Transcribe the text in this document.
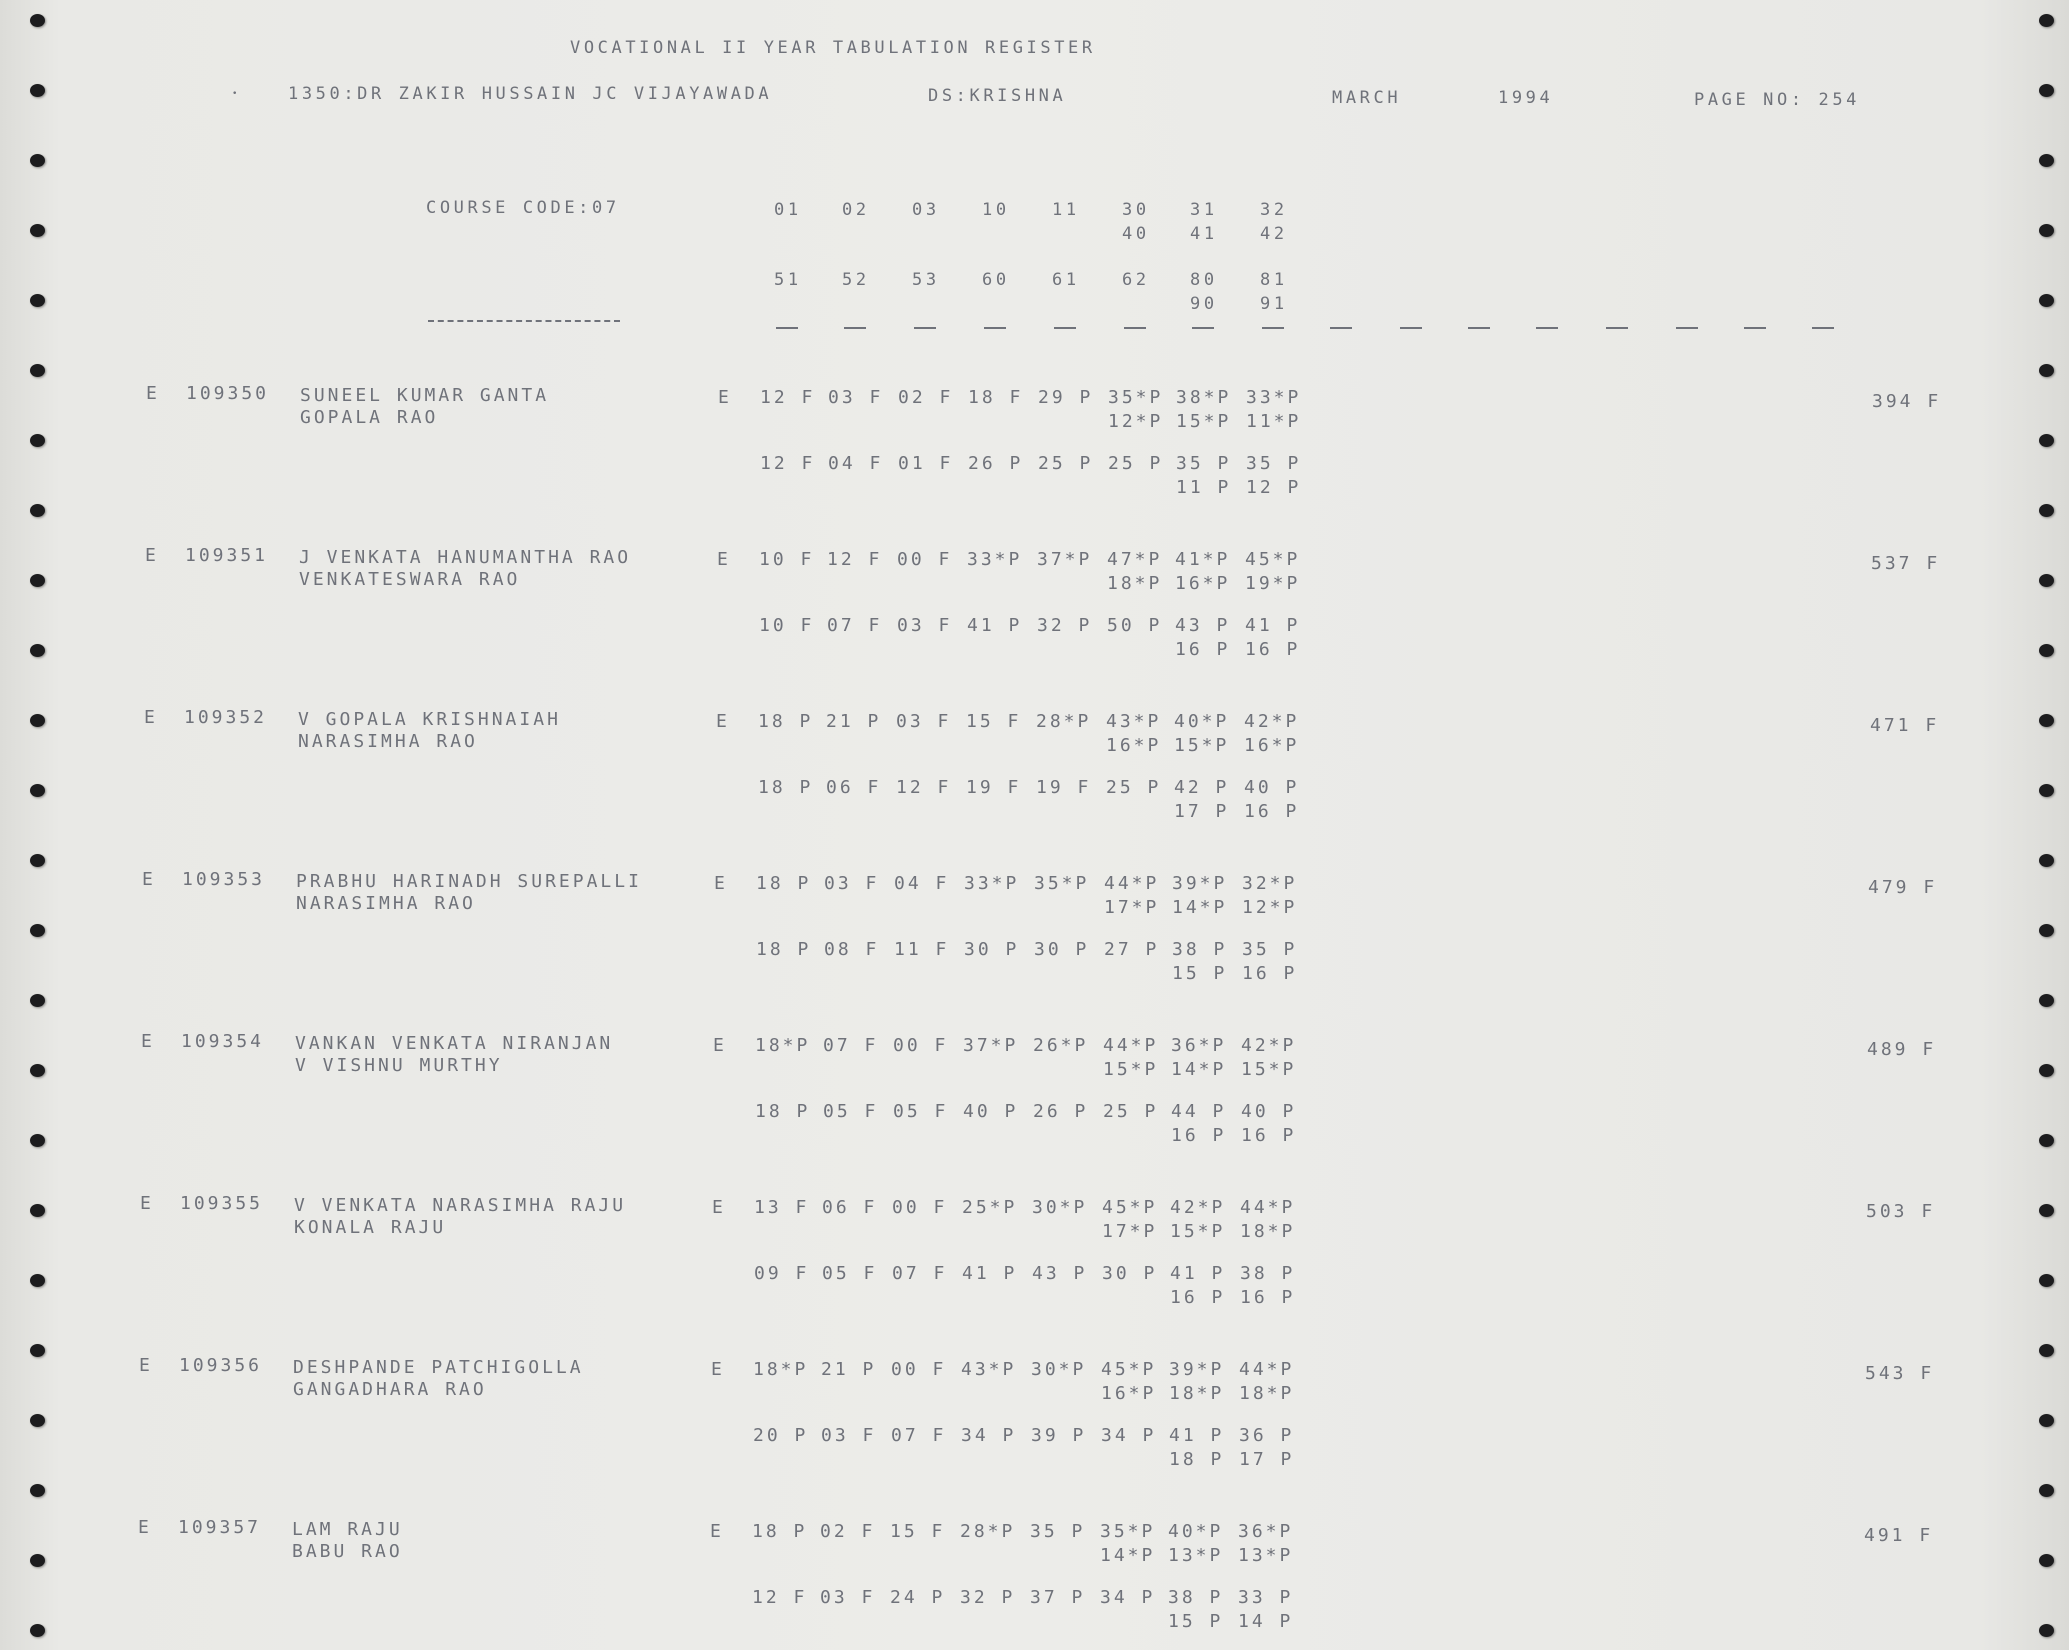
VOCATIONAL II YEAR TABULATION REGISTER
•	1350:DR ZAKIR HUSSAIN JC VIJAYAWADA	DS:KRISHNA	MARCH	1994	PAGE NO: 254
COURSE CODE:07	01 02 03 10 11 30 31 32
40 41 42
51 52 53 60 61 62 80 81
90 91
E 109350 SUNEEL KUMAR GANTA
GOPALA RAO
E 12 F 03 F 02 F 18 F 29 P 35*P 38*P 33*P
12*P 15*P 11*P
12 F 04 F 01 F 26 P 25 P 25 P 35 P 35 P
11 P 12 P
394 F
E 109351 J VENKATA HANUMANTHA RAO
VENKATESWARA RAO
E 10 F 12 F 00 F 33*P 37*P 47*P 41*P 45*P
18*P 16*P 19*P
10 F 07 F 03 F 41 P 32 P 50 P 43 P 41 P
16 P 16 P
537 F
E 109352 V GOPALA KRISHNAIAH
NARASIMHA RAO
E 18 P 21 P 03 F 15 F 28*P 43*P 40*P 42*P
16*P 15*P 16*P
18 P 06 F 12 F 19 F 19 F 25 P 42 P 40 P
17 P 16 P
471 F
E 109353 PRABHU HARINADH SUREPALLI
NARASIMHA RAO
E 18 P 03 F 04 F 33*P 35*P 44*P 39*P 32*P
17*P 14*P 12*P
18 P 08 F 11 F 30 P 30 P 27 P 38 P 35 P
15 P 16 P
479 F
E 109354 VANKAN VENKATA NIRANJAN
V VISHNU MURTHY
E 18*P 07 F 00 F 37*P 26*P 44*P 36*P 42*P
15*P 14*P 15*P
18 P 05 F 05 F 40 P 26 P 25 P 44 P 40 P
16 P 16 P
489 F
E 109355 V VENKATA NARASIMHA RAJU
KONALA RAJU
E 13 F 06 F 00 F 25*P 30*P 45*P 42*P 44*P
17*P 15*P 18*P
09 F 05 F 07 F 41 P 43 P 30 P 41 P 38 P
16 P 16 P
503 F
E 109356 DESHPANDE PATCHIGOLLA
GANGADHARA RAO
E 18*P 21 P 00 F 43*P 30*P 45*P 39*P 44*P
16*P 18*P 18*P
20 P 03 F 07 F 34 P 39 P 34 P 41 P 36 P
18 P 17 P
543 F
E 109357 LAM RAJU
BABU RAO
E 18 P 02 F 15 F 28*P 35 P 35*P 40*P 36*P
14*P 13*P 13*P
12 F 03 F 24 P 32 P 37 P 34 P 38 P 33 P
15 P 14 P
491 F
